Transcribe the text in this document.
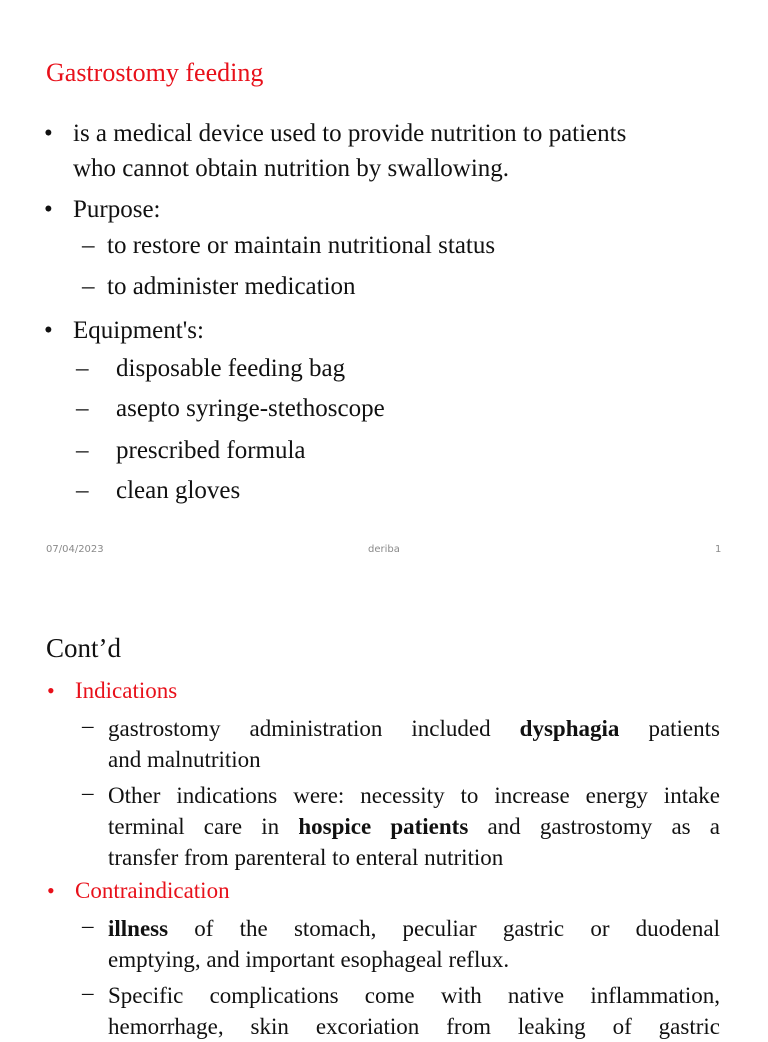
Gastrostomy feeding
• is a medical device used to provide nutrition to patients
who cannot obtain nutrition by swallowing.
• Purpose:
– to restore or maintain nutritional status
– to administer medication
• Equipment's:
– disposable feeding bag
– asepto syringe-stethoscope
– prescribed formula
– clean gloves
07/04/2023	deriba	1
Cont’d
• Indications
– gastrostomy administration included dysphagia patients
and malnutrition
– Other indications were: necessity to increase energy intake
terminal care in hospice patients and gastrostomy as a
transfer from parenteral to enteral nutrition
• Contraindication
– illness of the stomach, peculiar gastric or duodenal
emptying, and important esophageal reflux.
– Specific complications come with native inflammation,
hemorrhage, skin excoriation from leaking of gastric
